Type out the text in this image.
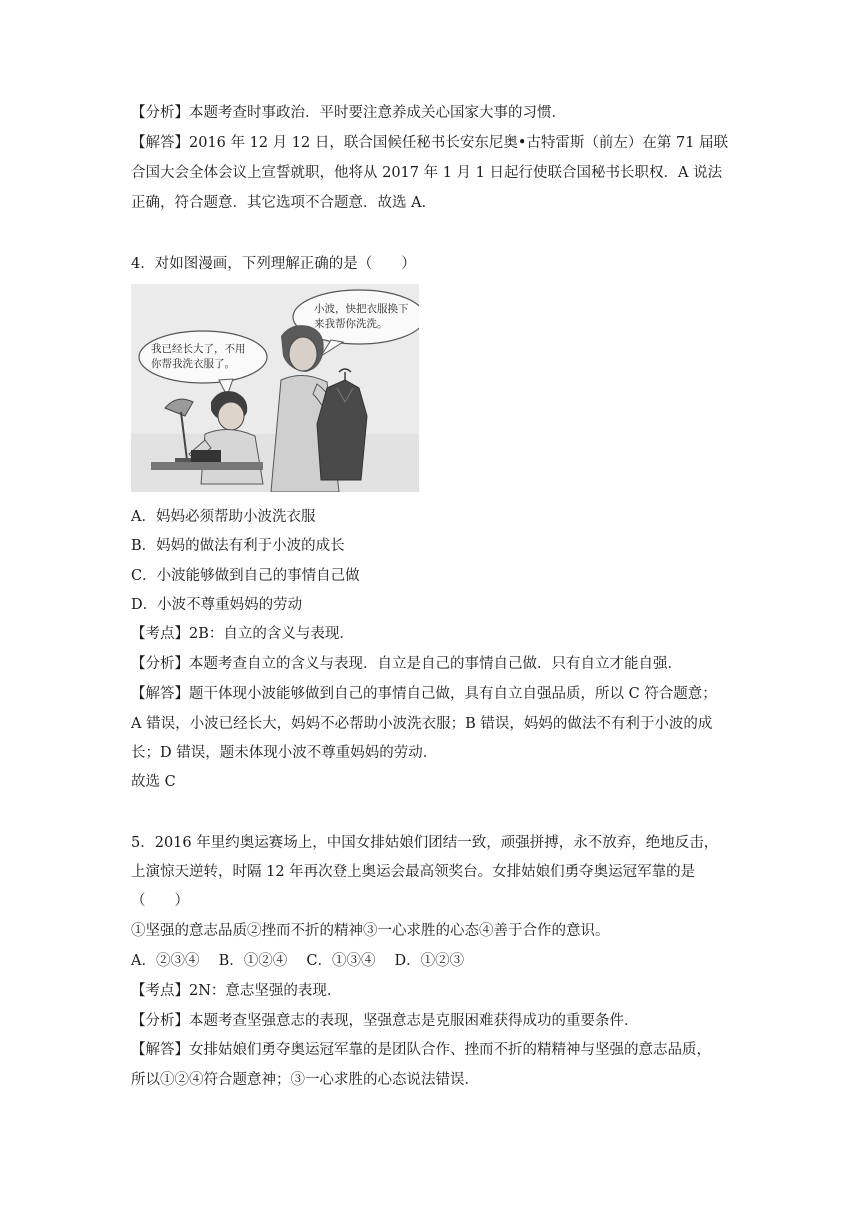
【分析】本题考查时事政治．平时要注意养成关心国家大事的习惯．
【解答】2016 年 12 月 12 日，联合国候任秘书长安东尼奥•古特雷斯（前左）在第 71 届联
合国大会全体会议上宣誓就职，他将从 2017 年 1 月 1 日起行使联合国秘书长职权．A 说法
正确，符合题意．其它选项不合题意．故选 A．
4．对如图漫画，下列理解正确的是（　　）
小波，快把衣服换下
来我帮你洗洗。
我已经长大了，不用
你帮我洗衣服了。
A．妈妈必须帮助小波洗衣服
B．妈妈的做法有利于小波的成长
C．小波能够做到自己的事情自己做
D．小波不尊重妈妈的劳动
【考点】2B：自立的含义与表现．
【分析】本题考查自立的含义与表现．自立是自己的事情自己做．只有自立才能自强．
【解答】题干体现小波能够做到自己的事情自己做，具有自立自强品质，所以 C 符合题意；
A 错误，小波已经长大，妈妈不必帮助小波洗衣服；B 错误，妈妈的做法不有利于小波的成
长；D 错误，题未体现小波不尊重妈妈的劳动．
故选 C
5．2016 年里约奥运赛场上，中国女排姑娘们团结一致，顽强拼搏，永不放弃，绝地反击，
上演惊天逆转，时隔 12 年再次登上奥运会最高领奖台。女排姑娘们勇夺奥运冠军靠的是
（　　）
①坚强的意志品质②挫而不折的精神③一心求胜的心态④善于合作的意识。
A．②③④　 B．①②④　 C．①③④　 D．①②③
【考点】2N：意志坚强的表现．
【分析】本题考查坚强意志的表现，坚强意志是克服困难获得成功的重要条件．
【解答】女排姑娘们勇夺奥运冠军靠的是团队合作、挫而不折的精精神与坚强的意志品质，
所以①②④符合题意神；③一心求胜的心态说法错误．
